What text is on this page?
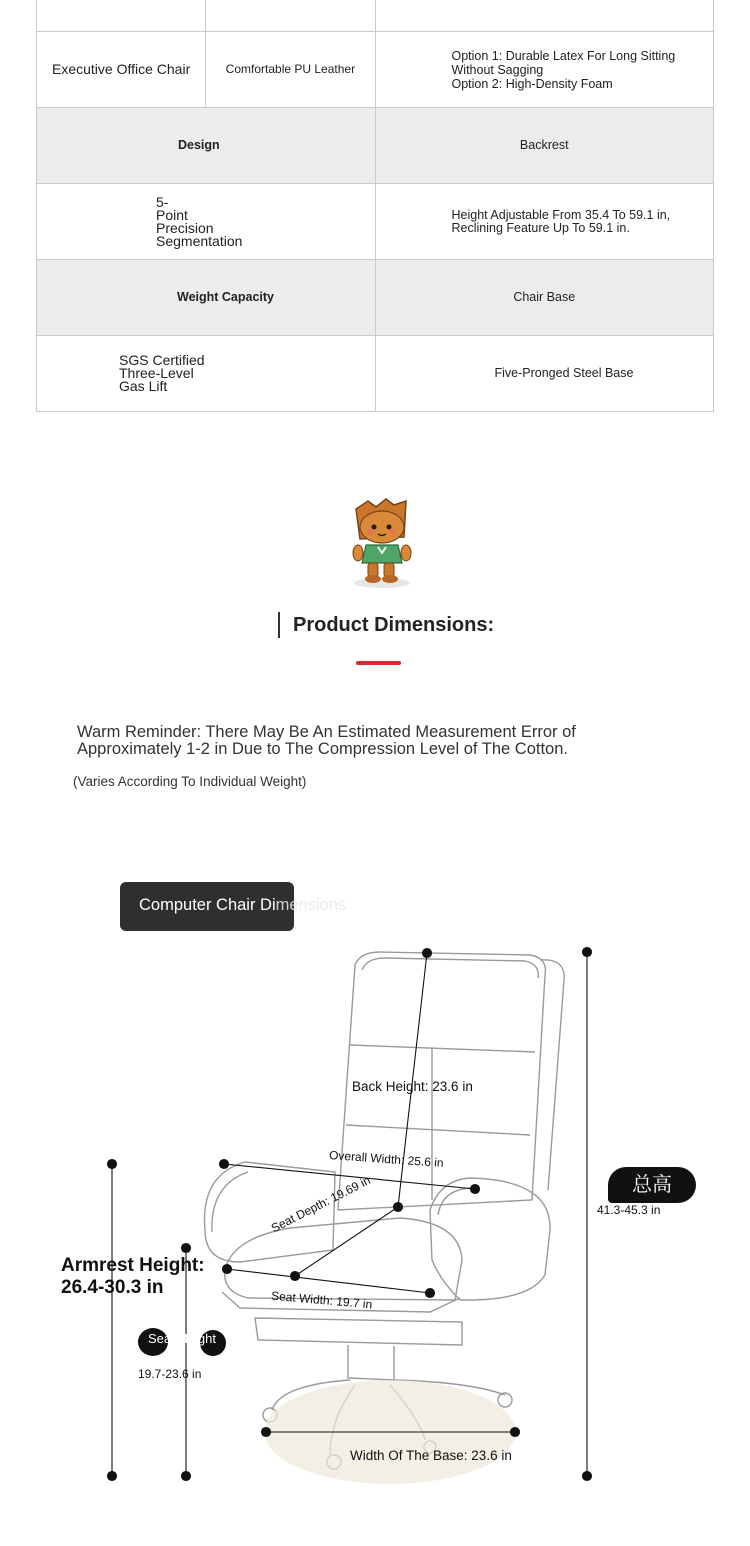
Executive Office Chair	Comfortable PU Leather	Option 1: Durable Latex For Long Sitting Without Sagging
Option 2: High-Density Foam
Design		Backrest
5-Point Precision Segmentation		Height Adjustable From 35.4 To 59.1 in, Reclining Feature Up To 59.1 in.
Weight Capacity		Chair Base
SGS Certified Three-Level Gas Lift		Five-Pronged Steel Base
Product Dimensions:
Warm Reminder: There May Be An Estimated Measurement Error of Approximately 1-2 in Due to The Compression Level of The Cotton.
(Varies According To Individual Weight)
Computer Chair Dimensions
Back Height: 23.6 in
Overall Width: 25.6 in
Seat Depth: 19.69 in
Seat Width: 19.7 in
Width Of The Base: 23.6 in
Armrest Height:
26.4-30.3 in
Seat Height
19.7-23.6 in
总高
41.3-45.3 in
